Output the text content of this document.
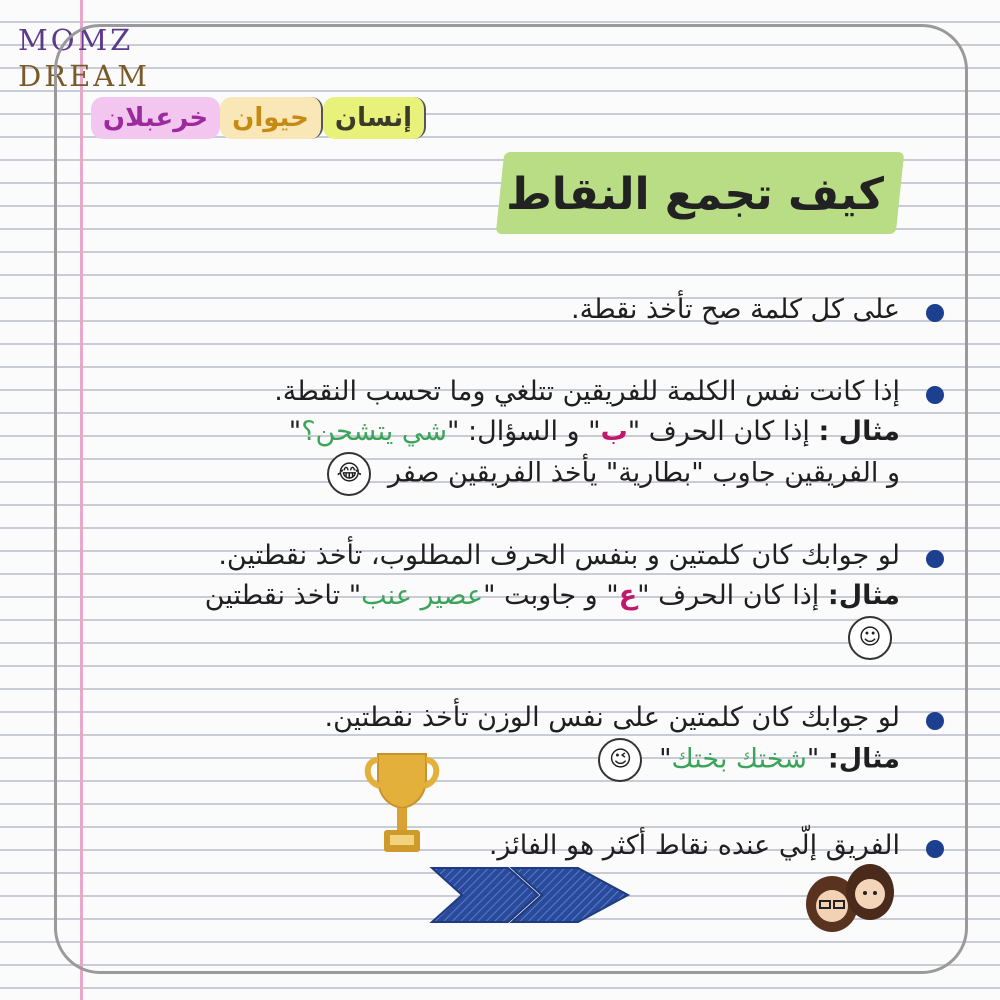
MOMZ
DREAM
إنسان
حيوان
خرعبلان
كيف تجمع النقاط
على كل كلمة صح تأخذ نقطة.
إذا كانت نفس الكلمة للفريقين تتلغي وما تحسب النقطة.
مثال : إذا كان الحرف "ب" و السؤال: "شي يتشحن؟"
و الفريقين جاوب "بطارية" يأخذ الفريقين صفر 😂
لو جوابك كان كلمتين و بنفس الحرف المطلوب، تأخذ نقطتين.
مثال: إذا كان الحرف "ع" و جاوبت "عصير عنب" تاخذ نقطتين ☺
لو جوابك كان كلمتين على نفس الوزن تأخذ نقطتين.
مثال: "شختك بختك" 😉
الفريق إلّي عنده نقاط أكثر هو الفائز.
